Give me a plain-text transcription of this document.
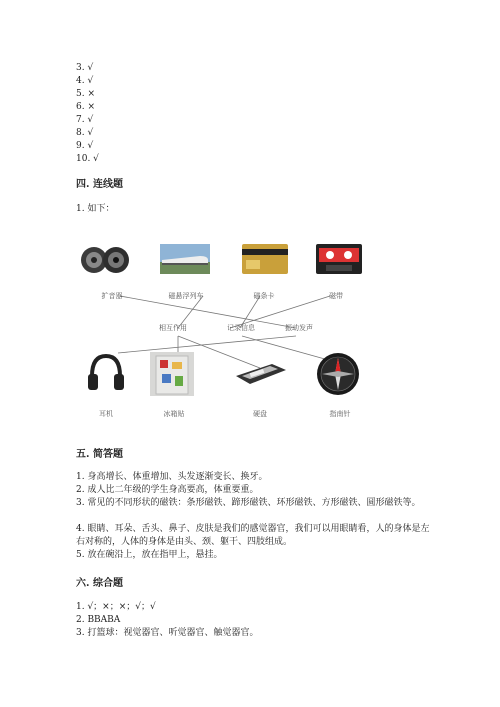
3. √
4. √
5. ×
6. ×
7. √
8. √
9. √
10. √
四. 连线题
1. 如下：
扩音器	磁悬浮列车	磁条卡	磁带
相互作用	记录信息	振动发声
耳机	冰箱贴	硬盘	指南针
五. 简答题
1. 身高增长、体重增加、头发逐渐变长、换牙。
2. 成人比二年级的学生身高要高，体重要重。
3. 常见的不同形状的磁铁：条形磁铁、蹄形磁铁、环形磁铁、方形磁铁、圆形磁铁等。
4. 眼睛、耳朵、舌头、鼻子、皮肤是我们的感觉器官，我们可以用眼睛看，人的身体是左右对称的，人体的身体是由头、颈、躯干、四肢组成。
5. 放在碗沿上，放在指甲上，悬挂。
六. 综合题
1. √；×；×；√；√
2. BBABA
3. 打篮球：视觉器官、听觉器官、触觉器官。
